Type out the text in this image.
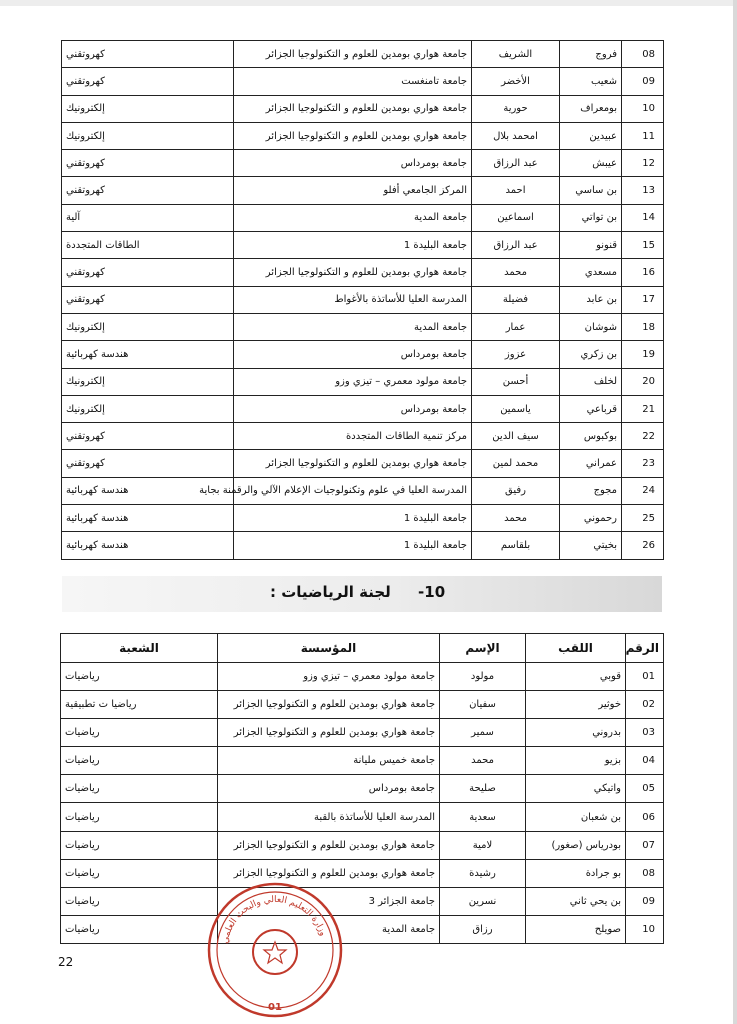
08	فروج	الشريف	جامعة هواري بومدين للعلوم و التكنولوجيا الجزائر	كهروتقني
09	شعيب	الأخضر	جامعة تامنغست	كهروتقني
10	بومعراف	حورية	جامعة هواري بومدين للعلوم و التكنولوجيا الجزائر	إلكترونيك
11	عبيدين	امحمد بلال	جامعة هواري بومدين للعلوم و التكنولوجيا الجزائر	إلكترونيك
12	عيبش	عبد الرزاق	جامعة بومرداس	كهروتقني
13	بن ساسي	احمد	المركز الجامعي أفلو	كهروتقني
14	بن تواتي	اسماعين	جامعة المدية	آلية
15	قنونو	عبد الرزاق	جامعة البليدة 1	الطاقات المتجددة
16	مسعدي	محمد	جامعة هواري بومدين للعلوم و التكنولوجيا الجزائر	كهروتقني
17	بن عابد	فضيلة	المدرسة العليا للأساتذة بالأغواط	كهروتقني
18	شوشان	عمار	جامعة المدية	إلكترونيك
19	بن زكري	عزوز	جامعة بومرداس	هندسة كهربائية
20	لخلف	أحسن	جامعة مولود معمري – تيزي وزو	إلكترونيك
21	قرباعي	ياسمين	جامعة بومرداس	إلكترونيك
22	بوكبوس	سيف الدين	مركز تنمية الطاقات المتجددة	كهروتقني
23	عمراني	محمد لمين	جامعة هواري بومدين للعلوم و التكنولوجيا الجزائر	كهروتقني
24	مجوج	رفيق	المدرسة العليا في علوم وتكنولوجيات الإعلام الآلي والرقمنة بجاية	هندسة كهربائية
25	رحموني	محمد	جامعة البليدة 1	هندسة كهربائية
26	بخيتي	بلقاسم	جامعة البليدة 1	هندسة كهربائية
10- لجنة الرياضيات :
الرقم	اللقب	الإسم	المؤسسة	الشعبة
01	قوبي	مولود	جامعة مولود معمري – تيزي وزو	رياضيات
02	خوثير	سفيان	جامعة هواري بومدين للعلوم و التكنولوجيا الجزائر	رياضيا ت تطبيقية
03	بدروني	سمير	جامعة هواري بومدين للعلوم و التكنولوجيا الجزائر	رياضيات
04	بزيو	محمد	جامعة خميس مليانة	رياضيات
05	واتيكي	صليحة	جامعة بومرداس	رياضيات
06	بن شعبان	سعدية	المدرسة العليا للأساتذة بالقبة	رياضيات
07	بودرياس (صغور)	لامية	جامعة هواري بومدين للعلوم و التكنولوجيا الجزائر	رياضيات
08	بو جرادة	رشيدة	جامعة هواري بومدين للعلوم و التكنولوجيا الجزائر	رياضيات
09	بن يحي ثاني	نسرين	جامعة الجزائر 3	رياضيات
10	صويلح	رزاق	جامعة المدية	رياضيات
22
وزارة التعليم العالي والبحث العلمي
01
